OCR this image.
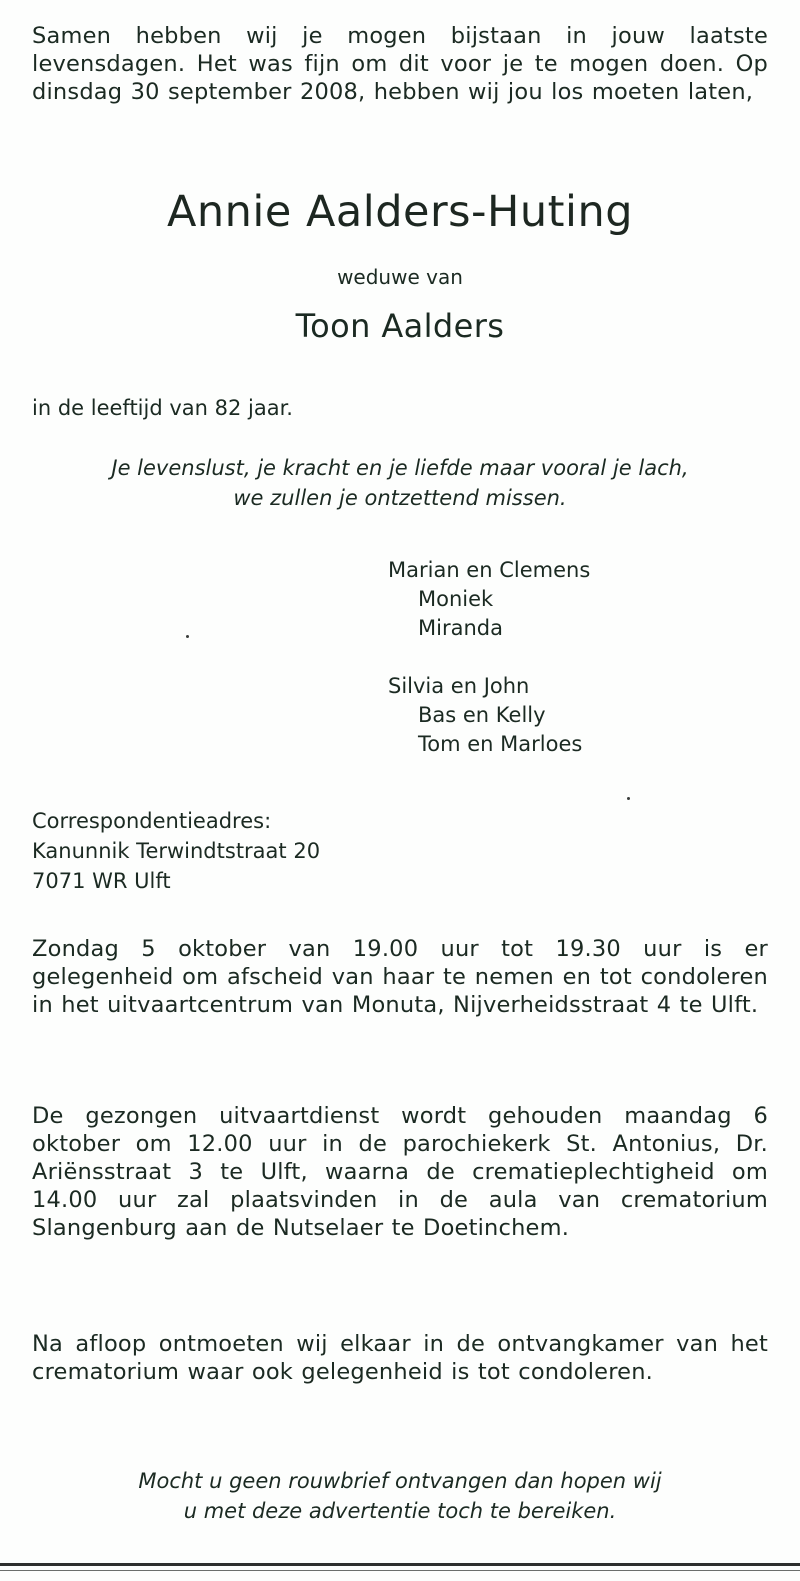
Samen hebben wij je mogen bijstaan in jouw laatste levensdagen. Het was fijn om dit voor je te mogen doen. Op dinsdag 30 september 2008, hebben wij jou los moeten laten,
Annie Aalders-Huting
weduwe van
Toon Aalders
in de leeftijd van 82 jaar.
Je levenslust, je kracht en je liefde maar vooral je lach,
we zullen je ontzettend missen.
Marian en Clemens
Moniek
Miranda
Silvia en John
Bas en Kelly
Tom en Marloes
Correspondentieadres:
Kanunnik Terwindtstraat 20
7071 WR Ulft
Zondag 5 oktober van 19.00 uur tot 19.30 uur is er gelegenheid om afscheid van haar te nemen en tot condoleren in het uitvaartcentrum van Monuta, Nijverheidsstraat 4 te Ulft.
De gezongen uitvaartdienst wordt gehouden maandag 6 oktober om 12.00 uur in de parochiekerk St. Antonius, Dr. Ariënsstraat 3 te Ulft, waarna de crematieplechtigheid om 14.00 uur zal plaatsvinden in de aula van crematorium Slangenburg aan de Nutselaer te Doetinchem.
Na afloop ontmoeten wij elkaar in de ontvangkamer van het crematorium waar ook gelegenheid is tot condoleren.
Mocht u geen rouwbrief ontvangen dan hopen wij
u met deze advertentie toch te bereiken.
